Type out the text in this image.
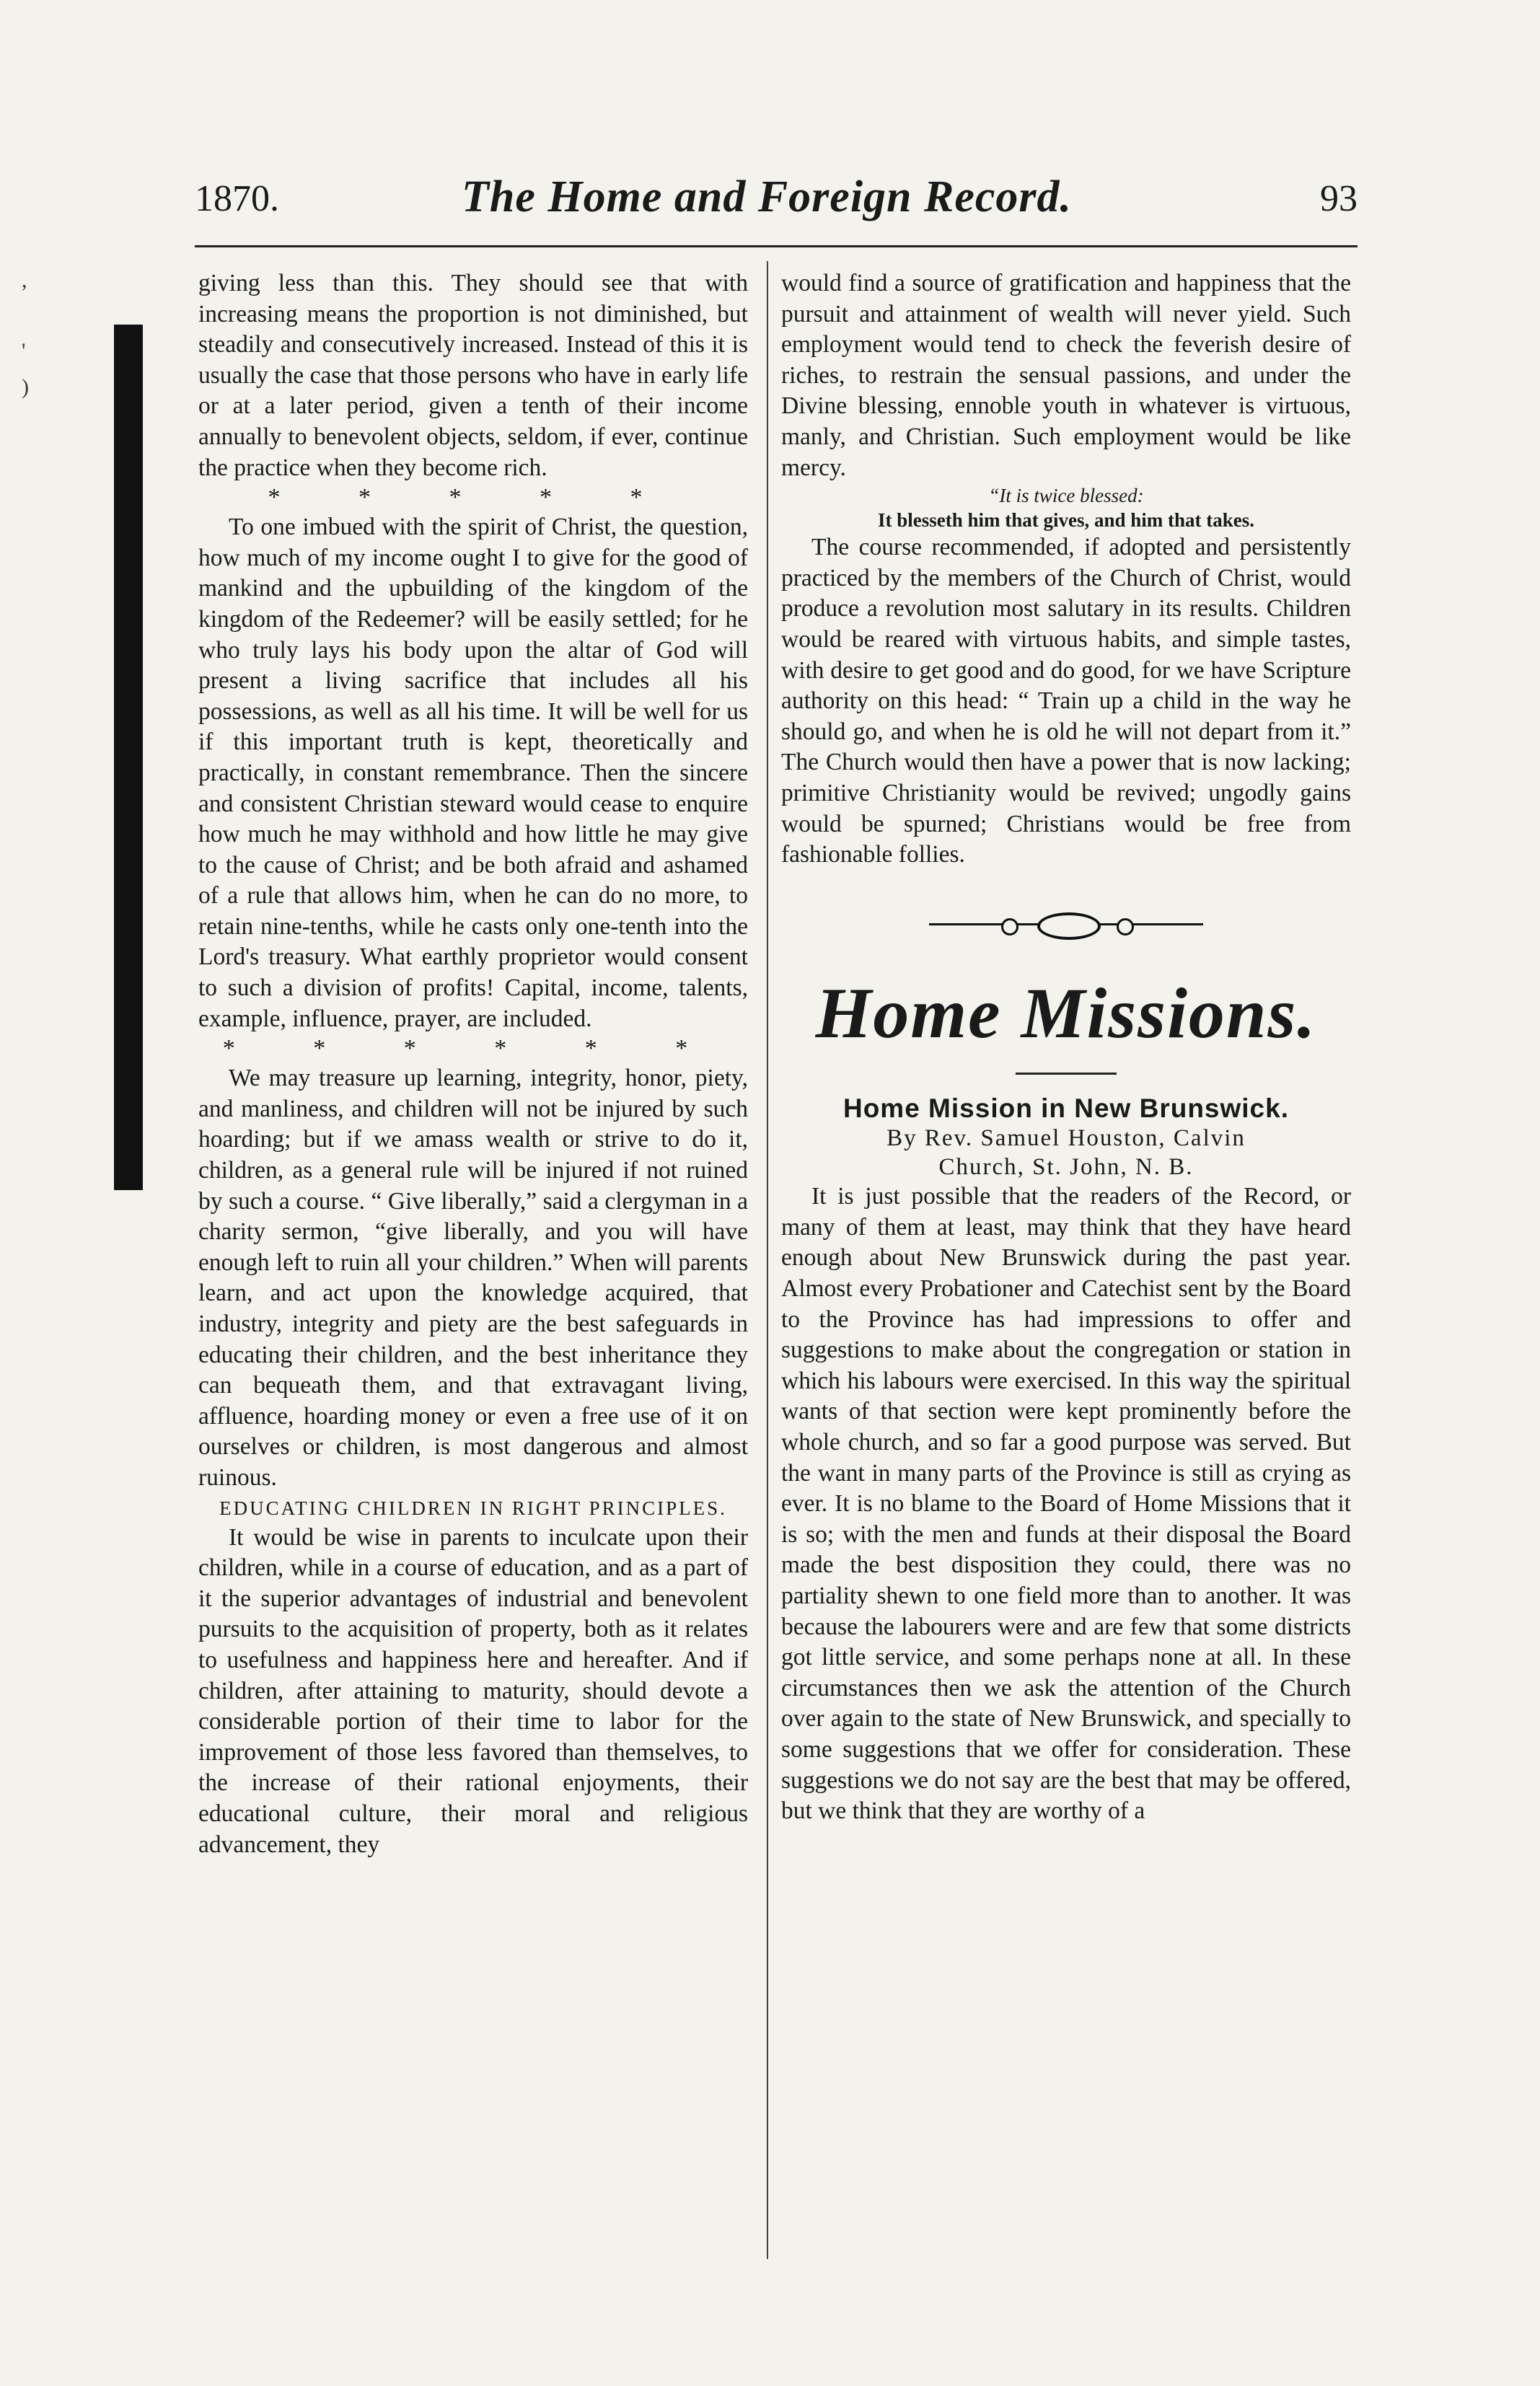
1870.	The Home and Foreign Record.	93
,
'
)

giving less than this. They should see that with increasing means the proportion is not diminished, but steadily and consecutively increased. Instead of this it is usually the case that those persons who have in early life or at a later period, given a tenth of their income annually to benevolent objects, seldom, if ever, continue the practice when they become rich.

* * * * *

To one imbued with the spirit of Christ, the question, how much of my income ought I to give for the good of mankind and the upbuilding of the kingdom of the kingdom of the Redeemer? will be easily settled; for he who truly lays his body upon the altar of God will present a living sacrifice that includes all his possessions, as well as all his time. It will be well for us if this important truth is kept, theoretically and practically, in constant remembrance. Then the sincere and consistent Christian steward would cease to enquire how much he may withhold and how little he may give to the cause of Christ; and be both afraid and ashamed of a rule that allows him, when he can do no more, to retain nine-tenths, while he casts only one-tenth into the Lord's treasury. What earthly proprietor would consent to such a division of profits! Capital, income, talents, example, influence, prayer, are included.

* * * * * *

We may treasure up learning, integrity, honor, piety, and manliness, and children will not be injured by such hoarding; but if we amass wealth or strive to do it, children, as a general rule will be injured if not ruined by such a course. “ Give liberally,” said a clergyman in a charity sermon, “give liberally, and you will have enough left to ruin all your children.” When will parents learn, and act upon the knowledge acquired, that industry, integrity and piety are the best safeguards in educating their children, and the best inheritance they can bequeath them, and that extravagant living, affluence, hoarding money or even a free use of it on ourselves or children, is most dangerous and almost ruinous.

EDUCATING CHILDREN IN RIGHT PRINCIPLES.

It would be wise in parents to inculcate upon their children, while in a course of education, and as a part of it the superior advantages of industrial and benevolent pursuits to the acquisition of property, both as it relates to usefulness and happiness here and hereafter. And if children, after attaining to maturity, should devote a considerable portion of their time to labor for the improvement of those less favored than themselves, to the increase of their rational enjoyments, their educational culture, their moral and religious advancement, they

would find a source of gratification and happiness that the pursuit and attainment of wealth will never yield. Such employment would tend to check the feverish desire of riches, to restrain the sensual passions, and under the Divine blessing, ennoble youth in whatever is virtuous, manly, and Christian. Such employment would be like mercy.

“It is twice blessed:

It blesseth him that gives, and him that takes.

The course recommended, if adopted and persistently practiced by the members of the Church of Christ, would produce a revolution most salutary in its results. Children would be reared with virtuous habits, and simple tastes, with desire to get good and do good, for we have Scripture authority on this head: “ Train up a child in the way he should go, and when he is old he will not depart from it.” The Church would then have a power that is now lacking; primitive Christianity would be revived; ungodly gains would be spurned; Christians would be free from fashionable follies.

Home Missions.

Home Mission in New Brunswick.

By Rev. Samuel Houston, Calvin
Church, St. John, N. B.

It is just possible that the readers of the Record, or many of them at least, may think that they have heard enough about New Brunswick during the past year. Almost every Probationer and Catechist sent by the Board to the Province has had impressions to offer and suggestions to make about the congregation or station in which his labours were exercised. In this way the spiritual wants of that section were kept prominently before the whole church, and so far a good purpose was served. But the want in many parts of the Province is still as crying as ever. It is no blame to the Board of Home Missions that it is so; with the men and funds at their disposal the Board made the best disposition they could, there was no partiality shewn to one field more than to another. It was because the labourers were and are few that some districts got little service, and some perhaps none at all. In these circumstances then we ask the attention of the Church over again to the state of New Brunswick, and specially to some suggestions that we offer for consideration. These suggestions we do not say are the best that may be offered, but we think that they are worthy of a
